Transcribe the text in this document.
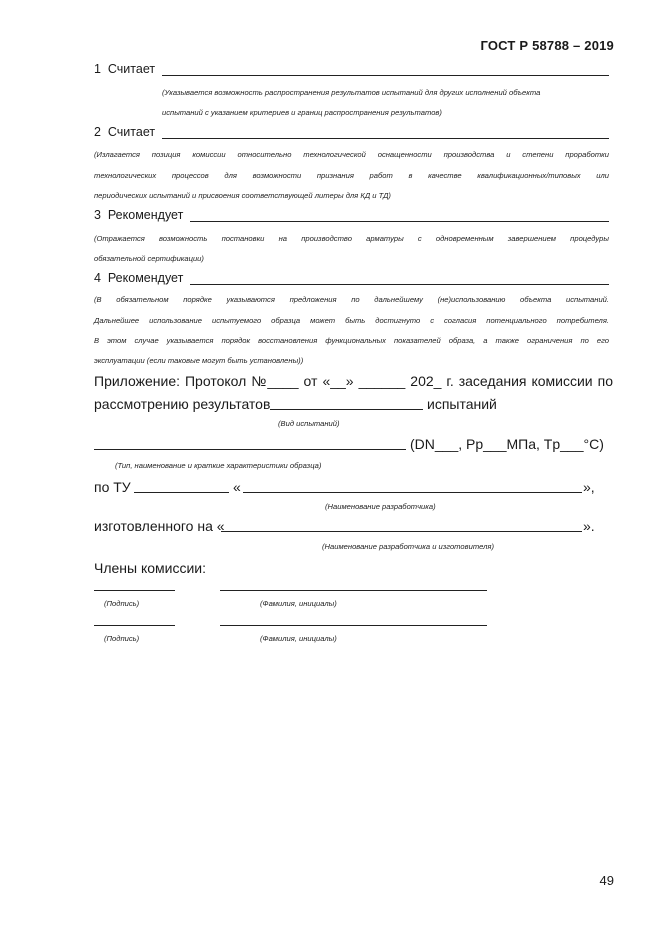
ГОСТ Р 58788 – 2019
1  Считает
(Указывается возможность распространения результатов испытаний для других исполнений объекта
испытаний с указанием критериев и границ распространения результатов)
2  Считает
(Излагается позиция комиссии относительно технологической оснащенности производства и степени проработки
технологических процессов для возможности признания работ в качестве квалификационных/типовых или
периодических испытаний и присвоения соответствующей литеры для КД и ТД)
3  Рекомендует
(Отражается возможность постановки на производство арматуры с одновременным завершением процедуры
обязательной сертификации)
4  Рекомендует
(В обязательном порядке указываются предложения по дальнейшему (не)использованию объекта испытаний.
Дальнейшее использование испытуемого образца может быть достигнуто с согласия потенциального потребителя.
В этом случае указывается порядок восстановления функциональных показателей образа, а также ограничения по его
эксплуатации (если таковые могут быть установлены))
Приложение: Протокол №____ от «__» ______ 202_ г. заседания комиссии по
рассмотрению результатов	испытаний
(Вид испытаний)
(DN___, Pр___МПа, Tр___°С)
(Тип, наименование и краткие характеристики образца)
по ТУ	«	»,
(Наименование разработчика)
изготовленного на «	».
(Наименование разработчика и изготовителя)
Члены комиссии:
(Подпись)	(Фамилия, инициалы)
(Подпись)	(Фамилия, инициалы)
49
